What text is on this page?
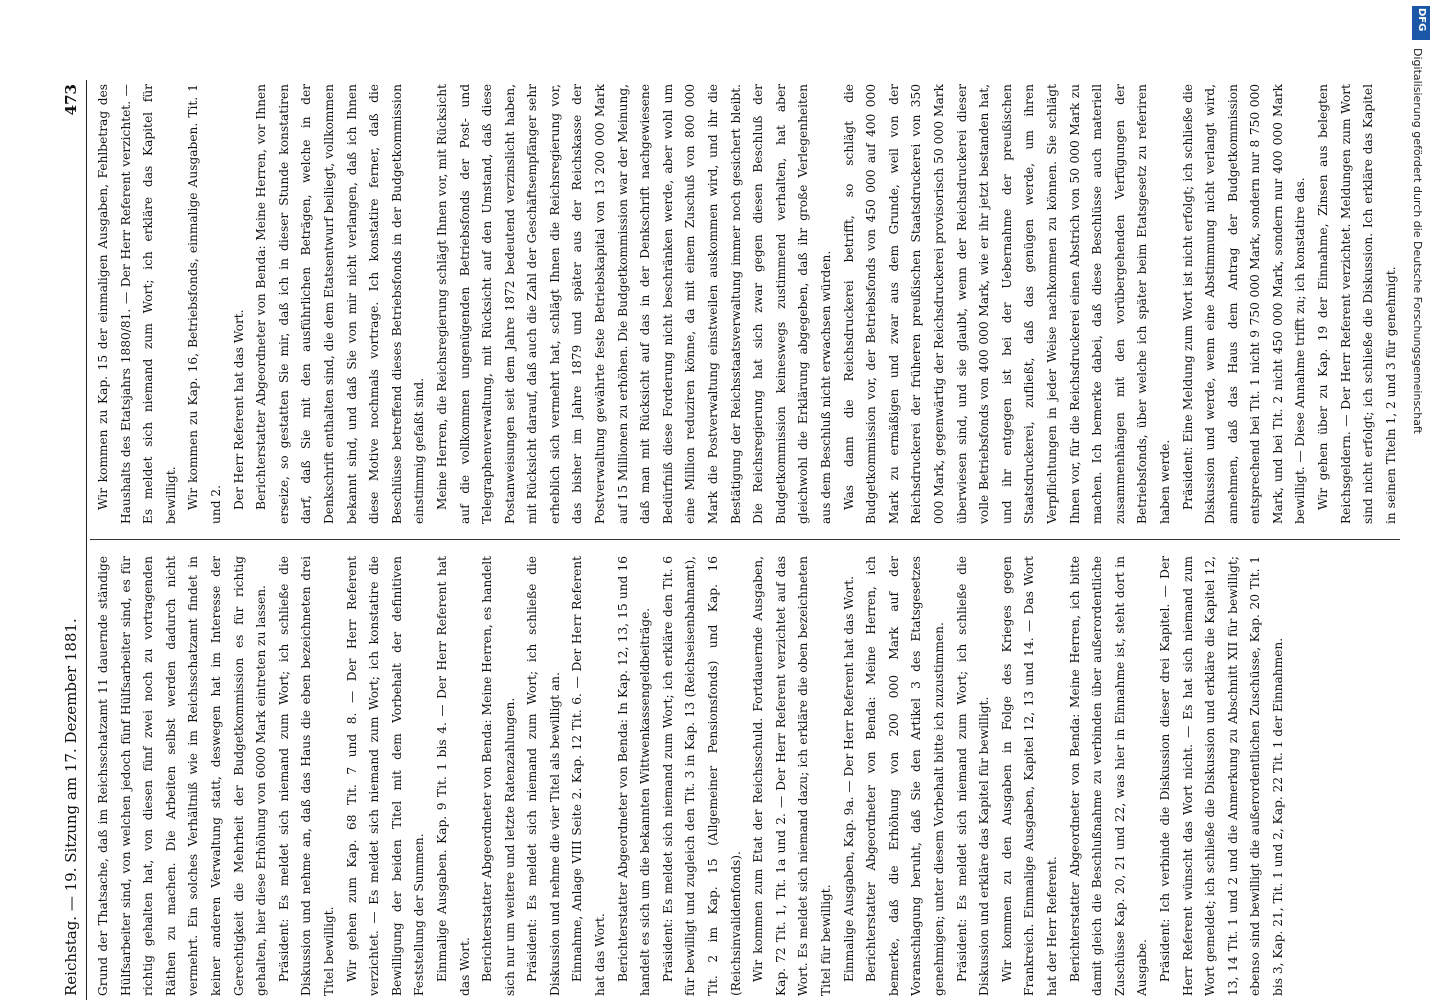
Reichstag. — 19. Sitzung am 17. Dezember 1881.
473

Grund der Thatsache, daß im Reichsschatzamt 11 dauernde ständige Hülfsarbeiter sind, von welchen jedoch fünf Hülfsarbeiter sind, es für richtig gehalten hat, von diesen fünf zwei noch zu vortragenden Räthen zu machen. Die Arbeiten selbst werden dadurch nicht vermehrt. Ein solches Verhältniß wie im Reichsschatzamt findet in keiner anderen Verwaltung statt, deswegen hat im Interesse der Gerechtigkeit die Mehrheit der Budgetkommission es für richtig gehalten, hier diese Erhöhung von 6000 Mark eintreten zu lassen. Präsident: Es meldet sich niemand zum Wort; ich schließe die Diskussion und nehme an, daß das Haus die eben bezeichneten drei Titel bewilligt. Wir gehen zum Kap. 68 Tit. 7 und 8. — Der Herr Referent verzichtet. — Es meldet sich niemand zum Wort; ich konstatire die Bewilligung der beiden Titel mit dem Vorbehalt der definitiven Feststellung der Summen. Einmalige Ausgaben. Kap. 9 Tit. 1 bis 4. — Der Herr Referent hat das Wort. Berichterstatter Abgeordneter von Benda: Meine Herren, es handelt sich nur um weitere und letzte Ratenzahlungen. Präsident: Es meldet sich niemand zum Wort; ich schließe die Diskussion und nehme die vier Titel als bewilligt an. Einnahme, Anlage VIII Seite 2. Kap. 12 Tit. 6. — Der Herr Referent hat das Wort. Berichterstatter Abgeordneter von Benda: In Kap. 12, 13, 15 und 16 handelt es sich um die bekannten Wittwenkassengeldbeiträge. Präsident: Es meldet sich niemand zum Wort; ich erkläre den Tit. 6 für bewilligt und zugleich den Tit. 3 in Kap. 13 (Reichseisenbahnamt), Tit. 2 im Kap. 15 (Allgemeiner Pensionsfonds) und Kap. 16 (Reichsinvalidenfonds). Wir kommen zum Etat der Reichsschuld. Fortdauernde Ausgaben, Kap. 72 Tit. 1, Tit. 1a und 2. — Der Herr Referent verzichtet auf das Wort. Es meldet sich niemand dazu; ich erkläre die oben bezeichneten Titel für bewilligt. Einmalige Ausgaben, Kap. 9a. — Der Herr Referent hat das Wort. Berichterstatter Abgeordneter von Benda: Meine Herren, ich bemerke, daß die Erhöhung von 200 000 Mark auf der Voranschlagung beruht, daß Sie den Artikel 3 des Etatsgesetzes genehmigen; unter diesem Vorbehalt bitte ich zuzustimmen. Präsident: Es meldet sich niemand zum Wort; ich schließe die Diskussion und erkläre das Kapitel für bewilligt. Wir kommen zu den Ausgaben in Folge des Krieges gegen Frankreich. Einmalige Ausgaben, Kapitel 12, 13 und 14. — Das Wort hat der Herr Referent. Berichterstatter Abgeordneter von Benda: Meine Herren, ich bitte damit gleich die Beschlußnahme zu verbinden über außerordentliche Zuschüsse Kap. 20, 21 und 22, was hier in Einnahme ist, steht dort in Ausgabe. Präsident: Ich verbinde die Diskussion dieser drei Kapitel. — Der Herr Referent wünscht das Wort nicht. — Es hat sich niemand zum Wort gemeldet; ich schließe die Diskussion und erkläre die Kapitel 12, 13, 14 Tit. 1 und 2 und die Anmerkung zu Abschnitt XII für bewilligt; ebenso sind bewilligt die außerordentlichen Zuschüsse, Kap. 20 Tit. 1 bis 3, Kap. 21, Tit. 1 und 2, Kap. 22 Tit. 1 der Einnahmen.

Wir kommen zu Kap. 15 der einmaligen Ausgaben, Fehlbetrag des Haushalts des Etatsjahrs 1880/81. — Der Herr Referent verzichtet. — Es meldet sich niemand zum Wort; ich erkläre das Kapitel für bewilligt. Wir kommen zu Kap. 16, Betriebsfonds, einmalige Ausgaben. Tit. 1 und 2. Der Herr Referent hat das Wort. Berichterstatter Abgeordneter von Benda: Meine Herren, vor Ihnen erseize, so gestatten Sie mir, daß ich in dieser Stunde konstatiren darf, daß Sie mit den ausführlichen Beträgen, welche in der Denkschrift enthalten sind, die dem Etatsentwurf beiliegt, vollkommen bekannt sind, und daß Sie von mir nicht verlangen, daß ich Ihnen diese Motive nochmals vortrage. Ich konstatire ferner, daß die Beschlüsse betreffend dieses Betriebsfonds in der Budgetkommission einstimmig gefaßt sind. Meine Herren, die Reichsregierung schlägt Ihnen vor, mit Rücksicht auf die vollkommen ungenügenden Betriebsfonds der Post- und Telegraphenverwaltung, mit Rücksicht auf den Umstand, daß diese Postanweisungen seit dem Jahre 1872 bedeutend verzinslicht haben, mit Rücksicht darauf, daß auch die Zahl der Geschäftsempfänger sehr erheblich sich vermehrt hat, schlägt Ihnen die Reichsregierung vor, das bisher im Jahre 1879 und später aus der Reichskasse der Postverwaltung gewährte feste Betriebskapital von 13 200 000 Mark auf 15 Millionen zu erhöhen. Die Budgetkommission war der Meinung, daß man mit Rücksicht auf das in der Denkschrift nachgewiesene Bedürfniß diese Forderung nicht beschränken werde, aber wohl um eine Million reduziren könne, da mit einem Zuschuß von 800 000 Mark die Postverwaltung einstweilen auskommen wird, und ihr die Bestätigung der Reichsstaatsverwaltung immer noch gesichert bleibt. Die Reichsregierung hat sich zwar gegen diesen Beschluß der Budgetkommission keineswegs zustimmend verhalten, hat aber gleichwohl die Erklärung abgegeben, daß ihr große Verlegenheiten aus dem Beschluß nicht erwachsen würden. Was dann die Reichsdruckerei betrifft, so schlägt die Budgetkommission vor, der Betriebsfonds von 450 000 auf 400 000 Mark zu ermäßigen und zwar aus dem Grunde, weil von der Reichsdruckerei der früheren preußischen Staatsdruckerei von 350 000 Mark, gegenwärtig der Reichsdruckerei provisorisch 50 000 Mark überwiesen sind, und sie glaubt, wenn der Reichsdruckerei dieser volle Betriebsfonds von 400 000 Mark, wie er ihr jetzt bestanden hat, und ihr entgegen ist bei der Uebernahme der preußischen Staatsdruckerei, zufließt, daß das genügen werde, um ihren Verpflichtungen in jeder Weise nachkommen zu können. Sie schlägt Ihnen vor, für die Reichsdruckerei einen Abstrich von 50 000 Mark zu machen. Ich bemerke dabei, daß diese Beschlüsse auch materiell zusammenhängen mit den vorübergehenden Verfügungen der Betriebsfonds, über welche ich später beim Etatsgesetz zu referiren haben werde. Präsident: Eine Meldung zum Wort ist nicht erfolgt; ich schließe die Diskussion und werde, wenn eine Abstimmung nicht verlangt wird, annehmen, daß das Haus dem Antrag der Budgetkommission entsprechend bei Tit. 1 nicht 9 750 000 Mark, sondern nur 8 750 000 Mark, und bei Tit. 2 nicht 450 000 Mark, sondern nur 400 000 Mark bewilligt. — Diese Annahme trifft zu; ich konstatire das. Wir gehen über zu Kap. 19 der Einnahme, Zinsen aus belegten Reichsgeldern. — Der Herr Referent verzichtet. Meldungen zum Wort sind nicht erfolgt; ich schließe die Diskussion. Ich erkläre das Kapitel in seinen Titeln 1, 2 und 3 für genehmigt.

DFG
Digitalisierung gefördert durch die Deutsche Forschungsgemeinschaft
